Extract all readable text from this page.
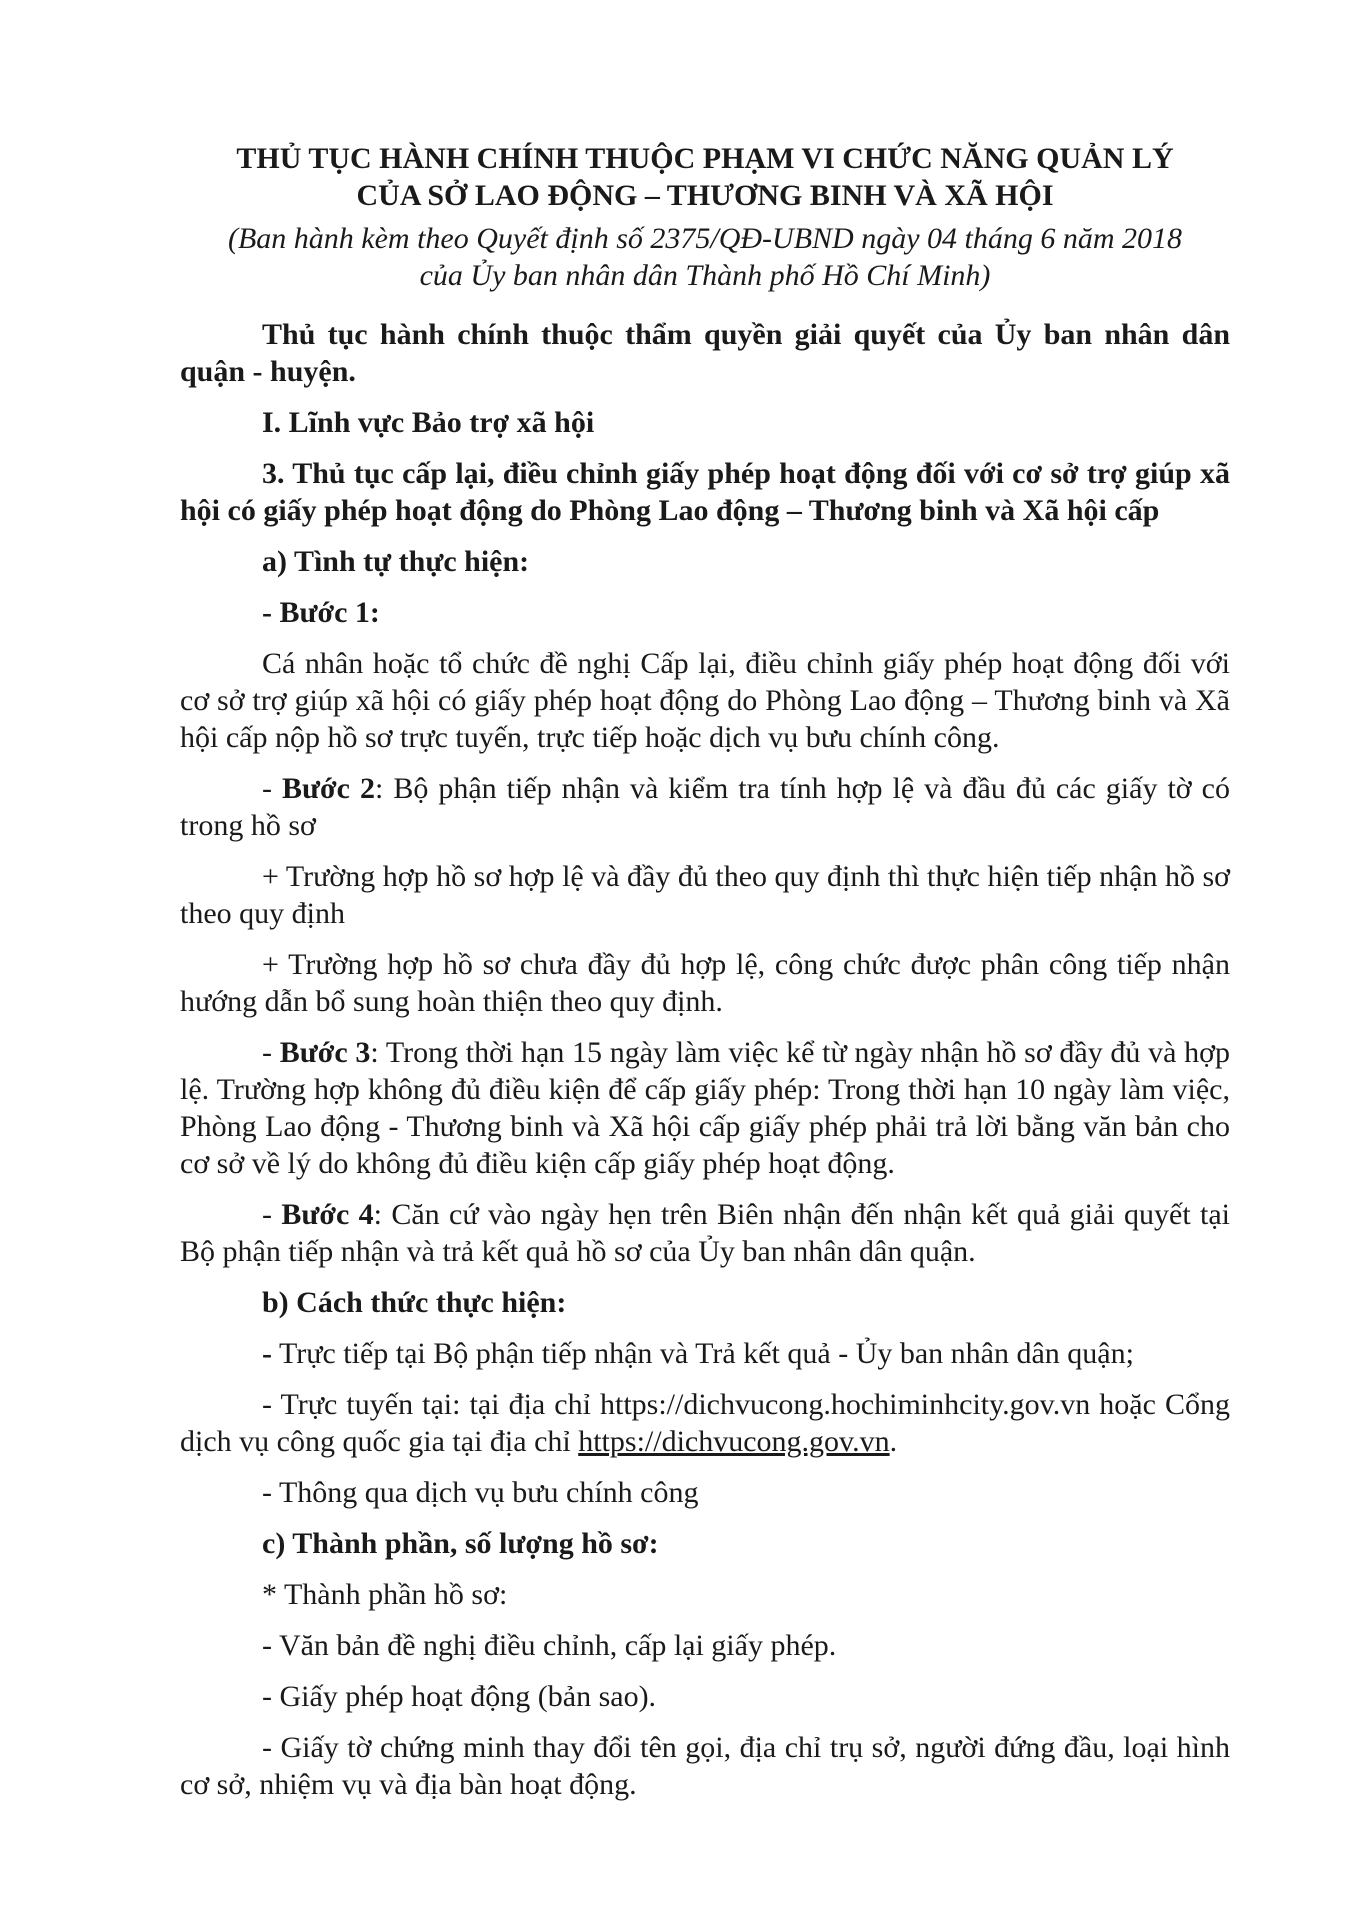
THỦ TỤC HÀNH CHÍNH THUỘC PHẠM VI CHỨC NĂNG QUẢN LÝ
CỦA SỞ LAO ĐỘNG – THƯƠNG BINH VÀ XÃ HỘI
(Ban hành kèm theo Quyết định số 2375/QĐ-UBND ngày 04 tháng 6 năm 2018
của Ủy ban nhân dân Thành phố Hồ Chí Minh)

Thủ tục hành chính thuộc thẩm quyền giải quyết của Ủy ban nhân dân quận - huyện.

I. Lĩnh vực Bảo trợ xã hội

3. Thủ tục cấp lại, điều chỉnh giấy phép hoạt động đối với cơ sở trợ giúp xã hội có giấy phép hoạt động do Phòng Lao động – Thương binh và Xã hội cấp

a) Tình tự thực hiện:

- Bước 1:

Cá nhân hoặc tổ chức đề nghị Cấp lại, điều chỉnh giấy phép hoạt động đối với cơ sở trợ giúp xã hội có giấy phép hoạt động do Phòng Lao động – Thương binh và Xã hội cấp nộp hồ sơ trực tuyến, trực tiếp hoặc dịch vụ bưu chính công.

- Bước 2: Bộ phận tiếp nhận và kiểm tra tính hợp lệ và đầu đủ các giấy tờ có trong hồ sơ

+ Trường hợp hồ sơ hợp lệ và đầy đủ theo quy định thì thực hiện tiếp nhận hồ sơ theo quy định

+ Trường hợp hồ sơ chưa đầy đủ hợp lệ, công chức được phân công tiếp nhận hướng dẫn bổ sung hoàn thiện theo quy định.

- Bước 3: Trong thời hạn 15 ngày làm việc kể từ ngày nhận hồ sơ đầy đủ và hợp lệ. Trường hợp không đủ điều kiện để cấp giấy phép: Trong thời hạn 10 ngày làm việc, Phòng Lao động - Thương binh và Xã hội cấp giấy phép phải trả lời bằng văn bản cho cơ sở về lý do không đủ điều kiện cấp giấy phép hoạt động.

- Bước 4: Căn cứ vào ngày hẹn trên Biên nhận đến nhận kết quả giải quyết tại Bộ phận tiếp nhận và trả kết quả hồ sơ của Ủy ban nhân dân quận.

b) Cách thức thực hiện:

- Trực tiếp tại Bộ phận tiếp nhận và Trả kết quả - Ủy ban nhân dân quận;

- Trực tuyến tại: tại địa chỉ https://dichvucong.hochiminhcity.gov.vn hoặc Cổng dịch vụ công quốc gia tại địa chỉ https://dichvucong.gov.vn.

- Thông qua dịch vụ bưu chính công

c) Thành phần, số lượng hồ sơ:

* Thành phần hồ sơ:

- Văn bản đề nghị điều chỉnh, cấp lại giấy phép.

- Giấy phép hoạt động (bản sao).

- Giấy tờ chứng minh thay đổi tên gọi, địa chỉ trụ sở, người đứng đầu, loại hình cơ sở, nhiệm vụ và địa bàn hoạt động.
